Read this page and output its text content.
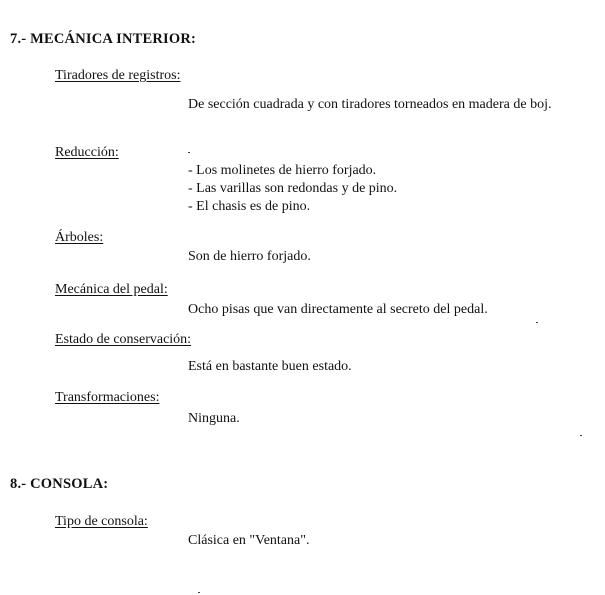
7.- MECÁNICA INTERIOR:
Tiradores de registros:
De sección cuadrada y con tiradores torneados en madera de boj.
Reducción:
- Los molinetes de hierro forjado.
- Las varillas son redondas y de pino.
- El chasis es de pino.
Árboles:
Son de hierro forjado.
Mecánica del pedal:
Ocho pisas que van directamente al secreto del pedal.
Estado de conservación:
Está en bastante buen estado.
Transformaciones:
Ninguna.
8.- CONSOLA:
Tipo de consola:
Clásica en "Ventana".
